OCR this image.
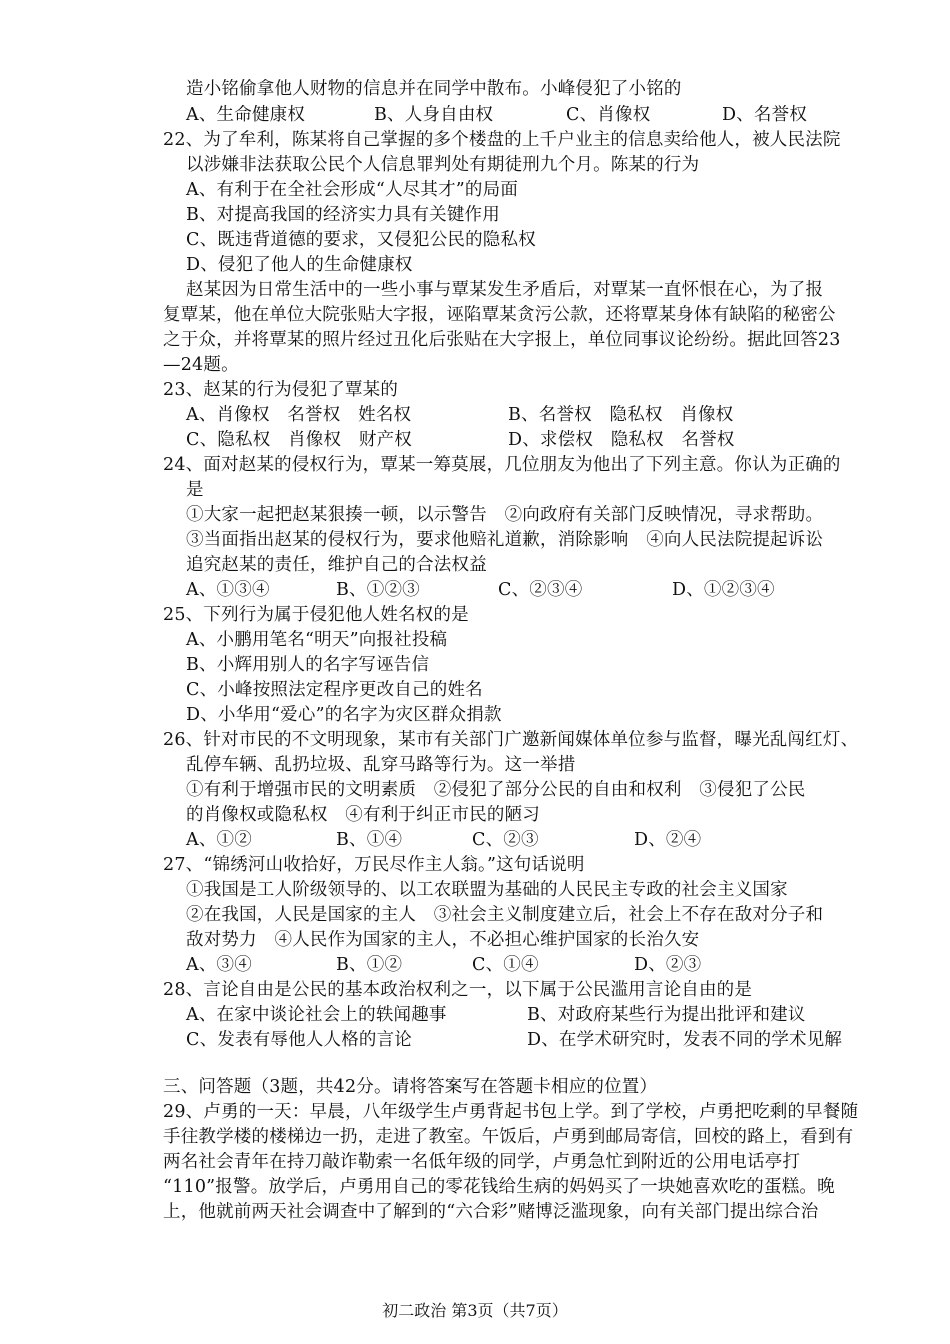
造小铭偷拿他人财物的信息并在同学中散布。小峰侵犯了小铭的
A、生命健康权	B、人身自由权	C、肖像权	D、名誉权
22、为了牟利，陈某将自己掌握的多个楼盘的上千户业主的信息卖给他人，被人民法院
以涉嫌非法获取公民个人信息罪判处有期徒刑九个月。陈某的行为
A、有利于在全社会形成“人尽其才”的局面
B、对提高我国的经济实力具有关键作用
C、既违背道德的要求，又侵犯公民的隐私权
D、侵犯了他人的生命健康权
赵某因为日常生活中的一些小事与覃某发生矛盾后，对覃某一直怀恨在心，为了报
复覃某，他在单位大院张贴大字报，诬陷覃某贪污公款，还将覃某身体有缺陷的秘密公
之于众，并将覃某的照片经过丑化后张贴在大字报上，单位同事议论纷纷。据此回答23
—24题。
23、赵某的行为侵犯了覃某的
A、肖像权　名誉权　姓名权	B、名誉权　隐私权　肖像权
C、隐私权　肖像权　财产权	D、求偿权　隐私权　名誉权
24、面对赵某的侵权行为，覃某一筹莫展，几位朋友为他出了下列主意。你认为正确的
是
①大家一起把赵某狠揍一顿，以示警告　②向政府有关部门反映情况，寻求帮助。
③当面指出赵某的侵权行为，要求他赔礼道歉，消除影响　④向人民法院提起诉讼
追究赵某的责任，维护自己的合法权益
A、①③④	B、①②③	C、②③④	D、①②③④
25、下列行为属于侵犯他人姓名权的是
A、小鹏用笔名“明天”向报社投稿
B、小辉用别人的名字写诬告信
C、小峰按照法定程序更改自己的姓名
D、小华用“爱心”的名字为灾区群众捐款
26、针对市民的不文明现象，某市有关部门广邀新闻媒体单位参与监督，曝光乱闯红灯、
乱停车辆、乱扔垃圾、乱穿马路等行为。这一举措
①有利于增强市民的文明素质　②侵犯了部分公民的自由和权利　③侵犯了公民
的肖像权或隐私权　④有利于纠正市民的陋习
A、①②	B、①④	C、②③	D、②④
27、“锦绣河山收拾好，万民尽作主人翁。”这句话说明
①我国是工人阶级领导的、以工农联盟为基础的人民民主专政的社会主义国家
②在我国，人民是国家的主人　③社会主义制度建立后，社会上不存在敌对分子和
敌对势力　④人民作为国家的主人，不必担心维护国家的长治久安
A、③④	B、①②	C、①④	D、②③
28、言论自由是公民的基本政治权利之一，以下属于公民滥用言论自由的是
A、在家中谈论社会上的轶闻趣事	B、对政府某些行为提出批评和建议
C、发表有辱他人人格的言论	D、在学术研究时，发表不同的学术见解
三、问答题（3题，共42分。请将答案写在答题卡相应的位置）
29、卢勇的一天：早晨，八年级学生卢勇背起书包上学。到了学校，卢勇把吃剩的早餐随
手往教学楼的楼梯边一扔，走进了教室。午饭后，卢勇到邮局寄信，回校的路上，看到有
两名社会青年在持刀敲诈勒索一名低年级的同学，卢勇急忙到附近的公用电话亭打
“110”报警。放学后，卢勇用自己的零花钱给生病的妈妈买了一块她喜欢吃的蛋糕。晚
上，他就前两天社会调查中了解到的“六合彩”赌博泛滥现象，向有关部门提出综合治
初二政治 第3页（共7页）
